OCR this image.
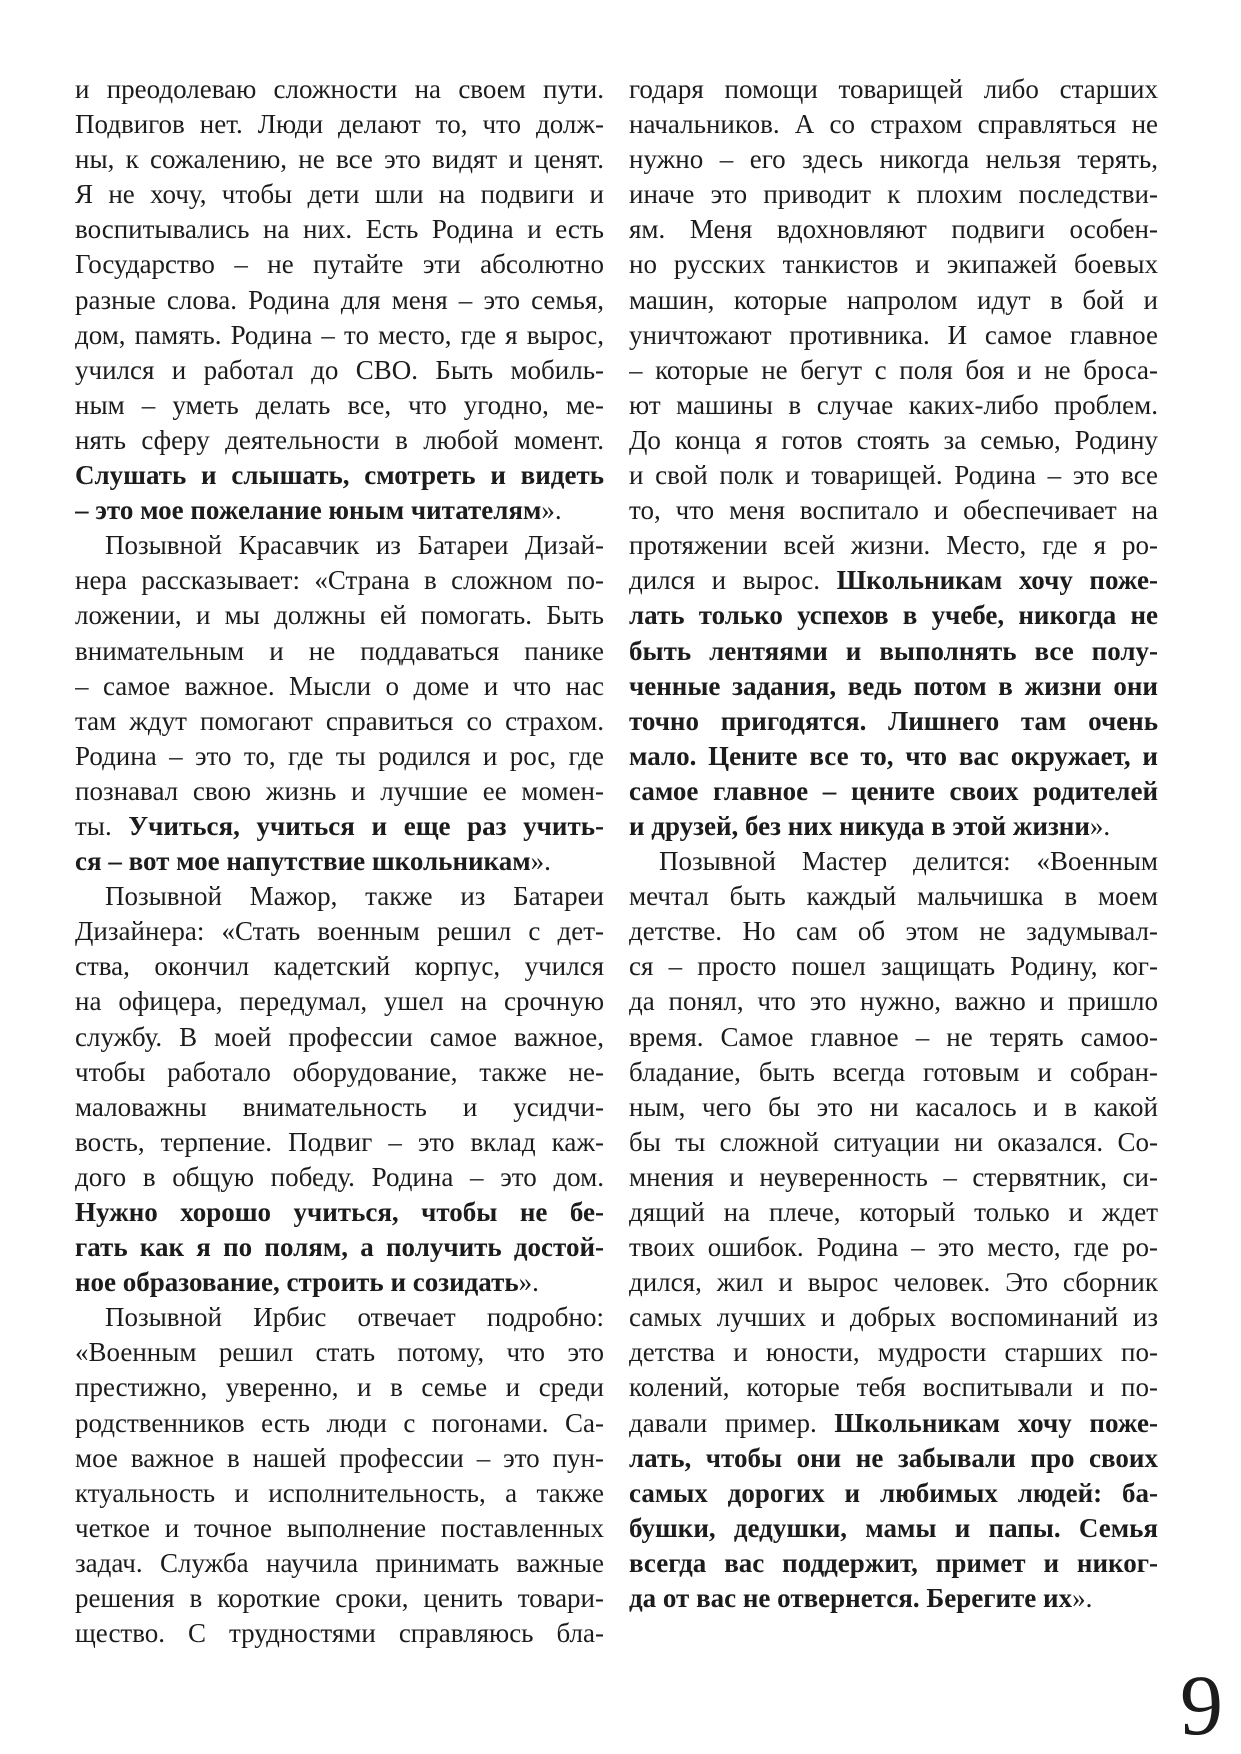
и преодолеваю сложности на своем пути.
Подвигов нет. Люди делают то, что долж-
ны, к сожалению, не все это видят и ценят.
Я не хочу, чтобы дети шли на подвиги и
воспитывались на них. Есть Родина и есть
Государство – не путайте эти абсолютно
разные слова. Родина для меня – это семья,
дом, память. Родина – то место, где я вырос,
учился и работал до СВО. Быть мобиль-
ным – уметь делать все, что угодно, ме-
нять сферу деятельности в любой момент.
Слушать и слышать, смотреть и видеть
– это мое пожелание юным читателям».
Позывной Красавчик из Батареи Дизай-
нера рассказывает: «Страна в сложном по-
ложении, и мы должны ей помогать. Быть
внимательным и не поддаваться панике
– самое важное. Мысли о доме и что нас
там ждут помогают справиться со страхом.
Родина – это то, где ты родился и рос, где
познавал свою жизнь и лучшие ее момен-
ты. Учиться, учиться и еще раз учить-
ся – вот мое напутствие школьникам».
Позывной Мажор, также из Батареи
Дизайнера: «Стать военным решил с дет-
ства, окончил кадетский корпус, учился
на офицера, передумал, ушел на срочную
службу. В моей профессии самое важное,
чтобы работало оборудование, также не-
маловажны внимательность и усидчи-
вость, терпение. Подвиг – это вклад каж-
дого в общую победу. Родина – это дом.
Нужно хорошо учиться, чтобы не бе-
гать как я по полям, а получить достой-
ное образование, строить и созидать».
Позывной Ирбис отвечает подробно:
«Военным решил стать потому, что это
престижно, уверенно, и в семье и среди
родственников есть люди с погонами. Са-
мое важное в нашей профессии – это пун-
ктуальность и исполнительность, а также
четкое и точное выполнение поставленных
задач. Служба научила принимать важные
решения в короткие сроки, ценить товари-
щество. С трудностями справляюсь бла-
годаря помощи товарищей либо старших
начальников. А со страхом справляться не
нужно – его здесь никогда нельзя терять,
иначе это приводит к плохим последстви-
ям. Меня вдохновляют подвиги особен-
но русских танкистов и экипажей боевых
машин, которые напролом идут в бой и
уничтожают противника. И самое главное
– которые не бегут с поля боя и не броса-
ют машины в случае каких-либо проблем.
До конца я готов стоять за семью, Родину
и свой полк и товарищей. Родина – это все
то, что меня воспитало и обеспечивает на
протяжении всей жизни. Место, где я ро-
дился и вырос. Школьникам хочу поже-
лать только успехов в учебе, никогда не
быть лентяями и выполнять все полу-
ченные задания, ведь потом в жизни они
точно пригодятся. Лишнего там очень
мало. Цените все то, что вас окружает, и
самое главное – цените своих родителей
и друзей, без них никуда в этой жизни».
Позывной Мастер делится: «Военным
мечтал быть каждый мальчишка в моем
детстве. Но сам об этом не задумывал-
ся – просто пошел защищать Родину, ког-
да понял, что это нужно, важно и пришло
время. Самое главное – не терять самоо-
бладание, быть всегда готовым и собран-
ным, чего бы это ни касалось и в какой
бы ты сложной ситуации ни оказался. Со-
мнения и неуверенность – стервятник, си-
дящий на плече, который только и ждет
твоих ошибок. Родина – это место, где ро-
дился, жил и вырос человек. Это сборник
самых лучших и добрых воспоминаний из
детства и юности, мудрости старших по-
колений, которые тебя воспитывали и по-
давали пример. Школьникам хочу поже-
лать, чтобы они не забывали про своих
самых дорогих и любимых людей: ба-
бушки, дедушки, мамы и папы. Семья
всегда вас поддержит, примет и никог-
да от вас не отвернется. Берегите их».
9
